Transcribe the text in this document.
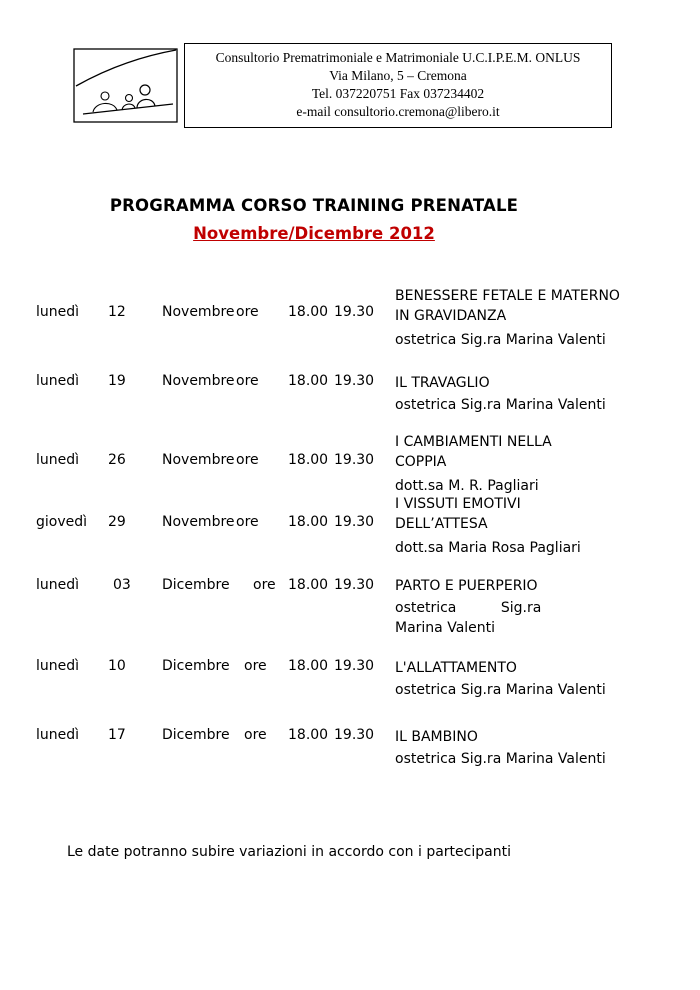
Consultorio Prematrimoniale e Matrimoniale U.C.I.P.E.M. ONLUS
Via Milano, 5 – Cremona
Tel. 037220751 Fax 037234402
e-mail consultorio.cremona@libero.it
PROGRAMMA CORSO TRAINING PRENATALE
Novembre/Dicembre 2012
lunedì 12	Novembre ore 18.00 19.30
BENESSERE FETALE E MATERNO
IN GRAVIDANZA
ostetrica Sig.ra Marina Valenti
lunedì 19	Novembre ore 18.00 19.30 IL TRAVAGLIO
ostetrica Sig.ra Marina Valenti
lunedì 26	Novembre ore 18.00 19.30
I CAMBIAMENTI NELLA
COPPIA
dott.sa M. R. Pagliari
giovedì 29	Novembre ore 18.00 19.30
I VISSUTI EMOTIVI
DELL’ATTESA
dott.sa Maria Rosa Pagliari
lunedì 03 Dicembre ore 18.00 19.30 PARTO E PUERPERIO
ostetrica          Sig.ra
Marina Valenti
lunedì 10	Dicembre ore 18.00 19.30 L'ALLATTAMENTO
ostetrica Sig.ra Marina Valenti
lunedì 17	Dicembre ore 18.00 19.30 IL BAMBINO
ostetrica Sig.ra Marina Valenti
Le date potranno subire variazioni in accordo con i partecipanti
